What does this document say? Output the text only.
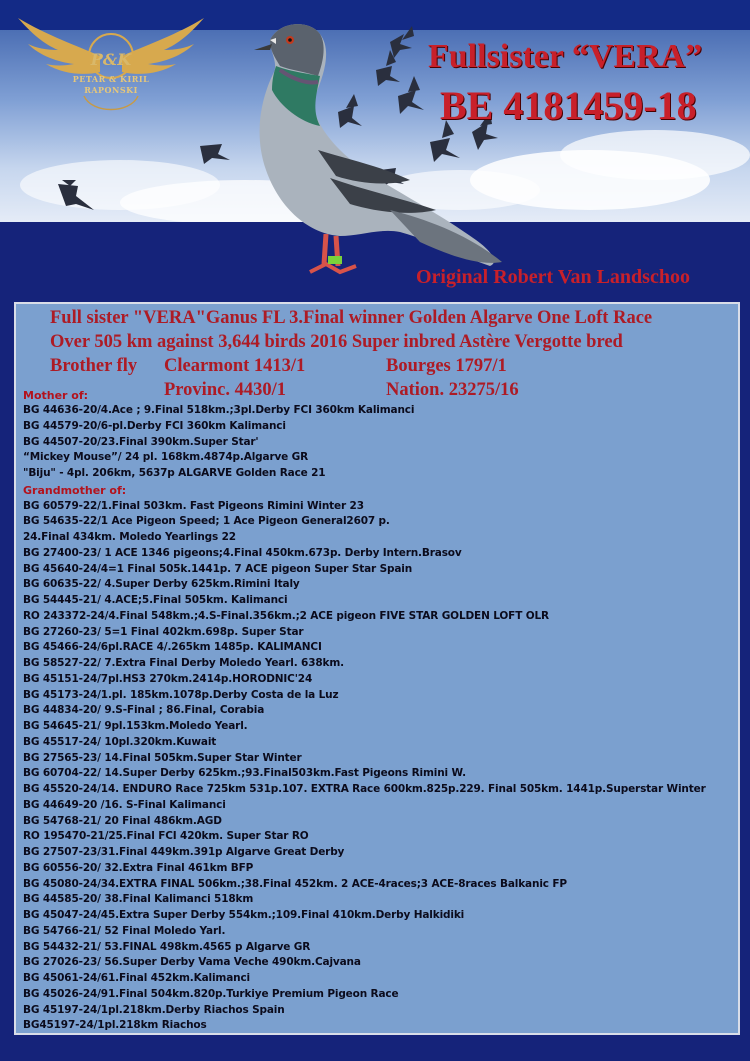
P&K
PETAR & KIRIL
RAPONSKI
Fullsister “VERA”
BE 4181459-18
Original Robert Van Landschoo
Full sister "VERA"Ganus FL 3.Final winner Golden Algarve One Loft Race
Over 505 km against 3,644 birds 2016 Super inbred Astère Vergotte bred
Brother fly Clearmont 1413/1	Bourges 1797/1
Provinc. 4430/1	Nation. 23275/16
Mother of:
BG 44636-20/4.Ace ; 9.Final 518km.;3pl.Derby FCI 360km Kalimanci
BG 44579-20/6-pl.Derby FCI 360km Kalimanci
BG 44507-20/23.Final 390km.Super Star'
“Mickey Mouse”/ 24 pl. 168km.4874p.Algarve GR
"Biju" - 4pl. 206km, 5637p ALGARVE Golden Race 21
Grandmother of:
BG 60579-22/1.Final 503km. Fast Pigeons Rimini Winter 23
BG 54635-22/1 Ace Pigeon Speed; 1 Ace Pigeon General2607 p.
24.Final 434km. Moledo Yearlings 22
BG 27400-23/ 1 ACE 1346 pigeons;4.Final 450km.673p. Derby Intern.Brasov
BG 45640-24/4=1 Final 505k.1441p. 7 ACE pigeon Super Star Spain
BG 60635-22/ 4.Super Derby 625km.Rimini Italy
BG 54445-21/ 4.ACE;5.Final 505km. Kalimanci
RO 243372-24/4.Final 548km.;4.S-Final.356km.;2 ACE pigeon FIVE STAR GOLDEN LOFT OLR
BG 27260-23/ 5=1 Final 402km.698p. Super Star
BG 45466-24/6pl.RACE 4/.265km 1485p. KALIMANCI
BG 58527-22/ 7.Extra Final Derby Moledo Yearl. 638km.
BG 45151-24/7pl.HS3 270km.2414p.HORODNIC'24
BG 45173-24/1.pl. 185km.1078p.Derby Costa de la Luz
BG 44834-20/ 9.S-Final ; 86.Final, Corabia
BG 54645-21/ 9pl.153km.Moledo Yearl.
BG 45517-24/ 10pl.320km.Kuwait
BG 27565-23/ 14.Final 505km.Super Star Winter
BG 60704-22/ 14.Super Derby 625km.;93.Final503km.Fast Pigeons Rimini W.
BG 45520-24/14. ENDURO Race 725km 531p.107. EXTRA Race 600km.825p.229. Final 505km. 1441p.Superstar Winter
BG 44649-20 /16. S-Final Kalimanci
BG 54768-21/ 20 Final 486km.AGD
RO 195470-21/25.Final FCI 420km. Super Star RO
BG 27507-23/31.Final 449km.391p Algarve Great Derby
BG 60556-20/ 32.Extra Final 461km BFP
BG 45080-24/34.EXTRA FINAL 506km.;38.Final 452km. 2 ACE-4races;3 ACE-8races Balkanic FP
BG 44585-20/ 38.Final Kalimanci 518km
BG 45047-24/45.Extra Super Derby 554km.;109.Final 410km.Derby Halkidiki
BG 54766-21/ 52 Final Moledo Yarl.
BG 54432-21/ 53.FINAL 498km.4565 p Algarve GR
BG 27026-23/ 56.Super Derby Vama Veche 490km.Cajvana
BG 45061-24/61.Final 452km.Kalimanci
BG 45026-24/91.Final 504km.820p.Turkiye Premium Pigeon Race
BG 45197-24/1pl.218km.Derby Riachos Spain
BG45197-24/1pl.218km Riachos
